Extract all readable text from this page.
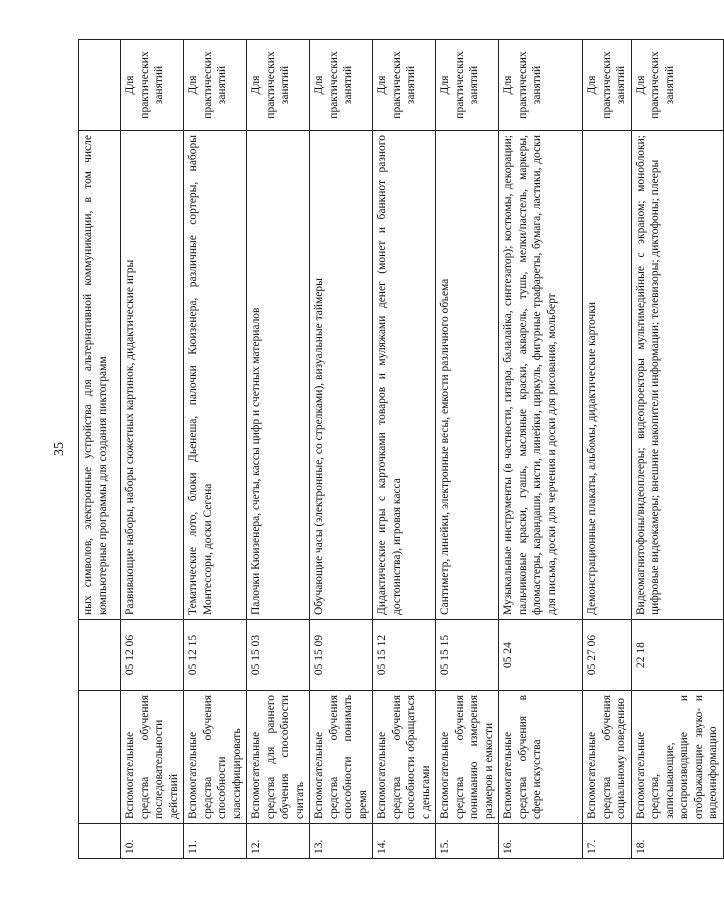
35
				ных символов, электронные устройства для альтернативной коммуникации, в том числе компьютерные программы для создания пиктограмм	
10.	Вспомогательные средства обучения последовательности действий	05 12 06	Развивающие наборы, наборы сюжетных картинок, дидактические игры	Для практических занятий
11.	Вспомогательные средства обучения способности классифицировать	05 12 15	Тематические лото, блоки Дьенеша, палочки Кюизенера, различные сортеры, наборы Монтессори, доски Сегена	Для практических занятий
12.	Вспомогательные средства для раннего обучения способности считать	05 15 03	Палочки Кюизенера, счеты, кассы цифр и счетных материалов	Для практических занятий
13.	Вспомогательные средства обучения способности понимать время	05 15 09	Обучающие часы (электронные, со стрелками), визуальные таймеры	Для практических занятий
14.	Вспомогательные средства обучения способности обращаться с деньгами	05 15 12	Дидактические игры с карточками товаров и муляжами денег (монет и банкнот разного достоинства), игровая касса	Для практических занятий
15.	Вспомогательные средства обучения пониманию измерения размеров и емкости	05 15 15	Сантиметр, линейки, электронные весы, емкости различного объема	Для практических занятий
16.	Вспомогательные средства обучения в сфере искусства	05 24	Музыкальные инструменты (в частности, гитара, балалайка, синтезатор); костюмы, декорации; пальчиковые краски, гуашь, масляные краски, акварель, тушь, мелки/пастель, маркеры, фломастеры, карандаши, кисти, линейки, циркуль, фигурные трафареты, бумага, ластики, доски для письма, доски для черчения и доски для рисования, мольберт	Для практических занятий
17.	Вспомогательные средства обучения социальному поведению	05 27 06	Демонстрационные плакаты, альбомы, дидактические карточки	Для практических занятий
18.	Вспомогательные средства, записывающие, воспроизводящие и отображающие звуко- и видеоинформацию	22 18	Видеомагнитофоны/видеоплееры; видеопроекторы мультимедийные с экраном; моноблоки; цифровые видеокамеры; внешние накопители информации; телевизоры; диктофоны; плееры	Для практических занятий
